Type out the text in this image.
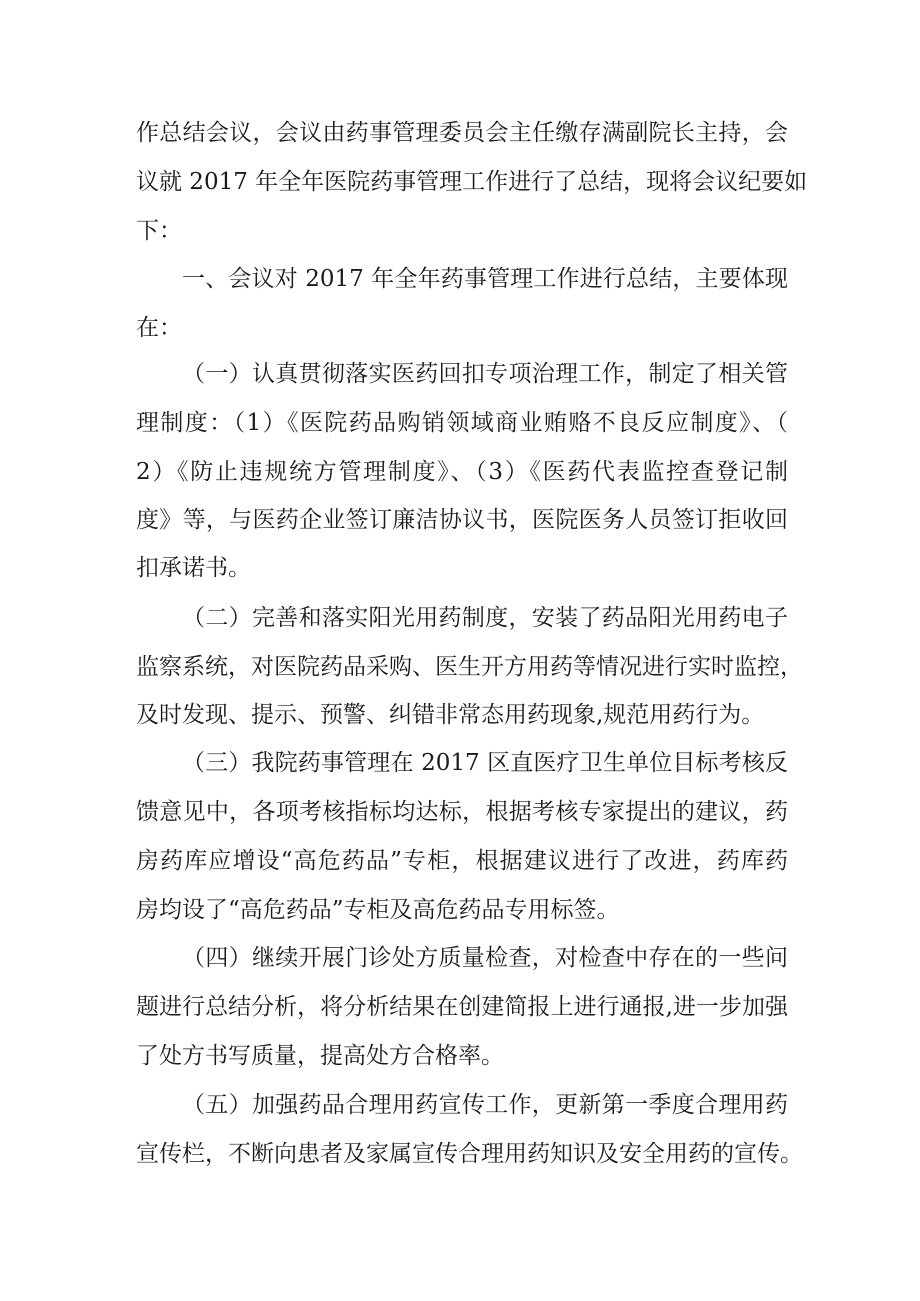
作总结会议，会议由药事管理委员会主任缴存满副院长主持，会
议就 2017 年全年医院药事管理工作进行了总结，现将会议纪要如
下：
一、会议对 2017 年全年药事管理工作进行总结，主要体现
在：
（一）认真贯彻落实医药回扣专项治理工作，制定了相关管
理制度：（1）《医院药品购销领域商业贿赂不良反应制度》、（
2）《防止违规统方管理制度》、（3）《医药代表监控查登记制
度》等，与医药企业签订廉洁协议书，医院医务人员签订拒收回
扣承诺书。
（二）完善和落实阳光用药制度，安装了药品阳光用药电子
监察系统，对医院药品采购、医生开方用药等情况进行实时监控，
及时发现、提示、预警、纠错非常态用药现象,规范用药行为。
（三）我院药事管理在 2017 区直医疗卫生单位目标考核反
馈意见中，各项考核指标均达标，根据考核专家提出的建议，药
房药库应增设“高危药品”专柜，根据建议进行了改进，药库药
房均设了“高危药品”专柜及高危药品专用标签。
（四）继续开展门诊处方质量检查，对检查中存在的一些问
题进行总结分析，将分析结果在创建简报上进行通报,进一步加强
了处方书写质量，提高处方合格率。
（五）加强药品合理用药宣传工作，更新第一季度合理用药
宣传栏，不断向患者及家属宣传合理用药知识及安全用药的宣传。
